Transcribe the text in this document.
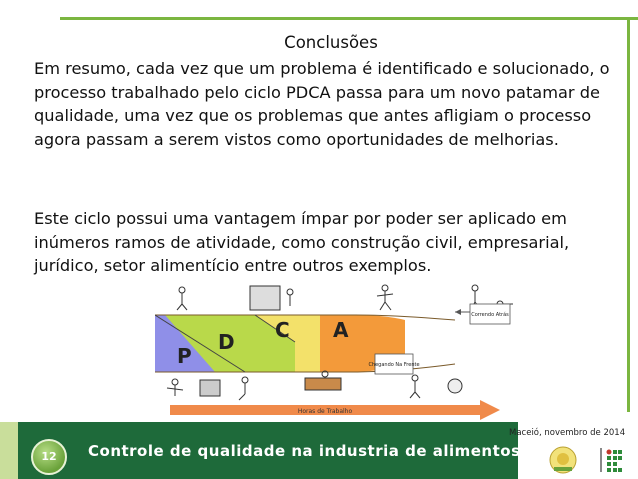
Conclusões

Em resumo, cada vez que um problema é identificado e solucionado, o processo trabalhado pelo ciclo PDCA passa para um novo patamar de qualidade, uma vez que os problemas que antes afligiam o processo agora passam a serem vistos como oportunidades de melhorias.

Este ciclo possui uma vantagem ímpar por poder ser aplicado em inúmeros ramos de atividade, como construção civil, empresarial, jurídico, setor alimentício entre outros exemplos.

P
D C A
Correndo Atrás
Chegando Na Frente
Horas de Trabalho
12	Controle de qualidade na industria de alimentos
Maceió, novembro de 2014
